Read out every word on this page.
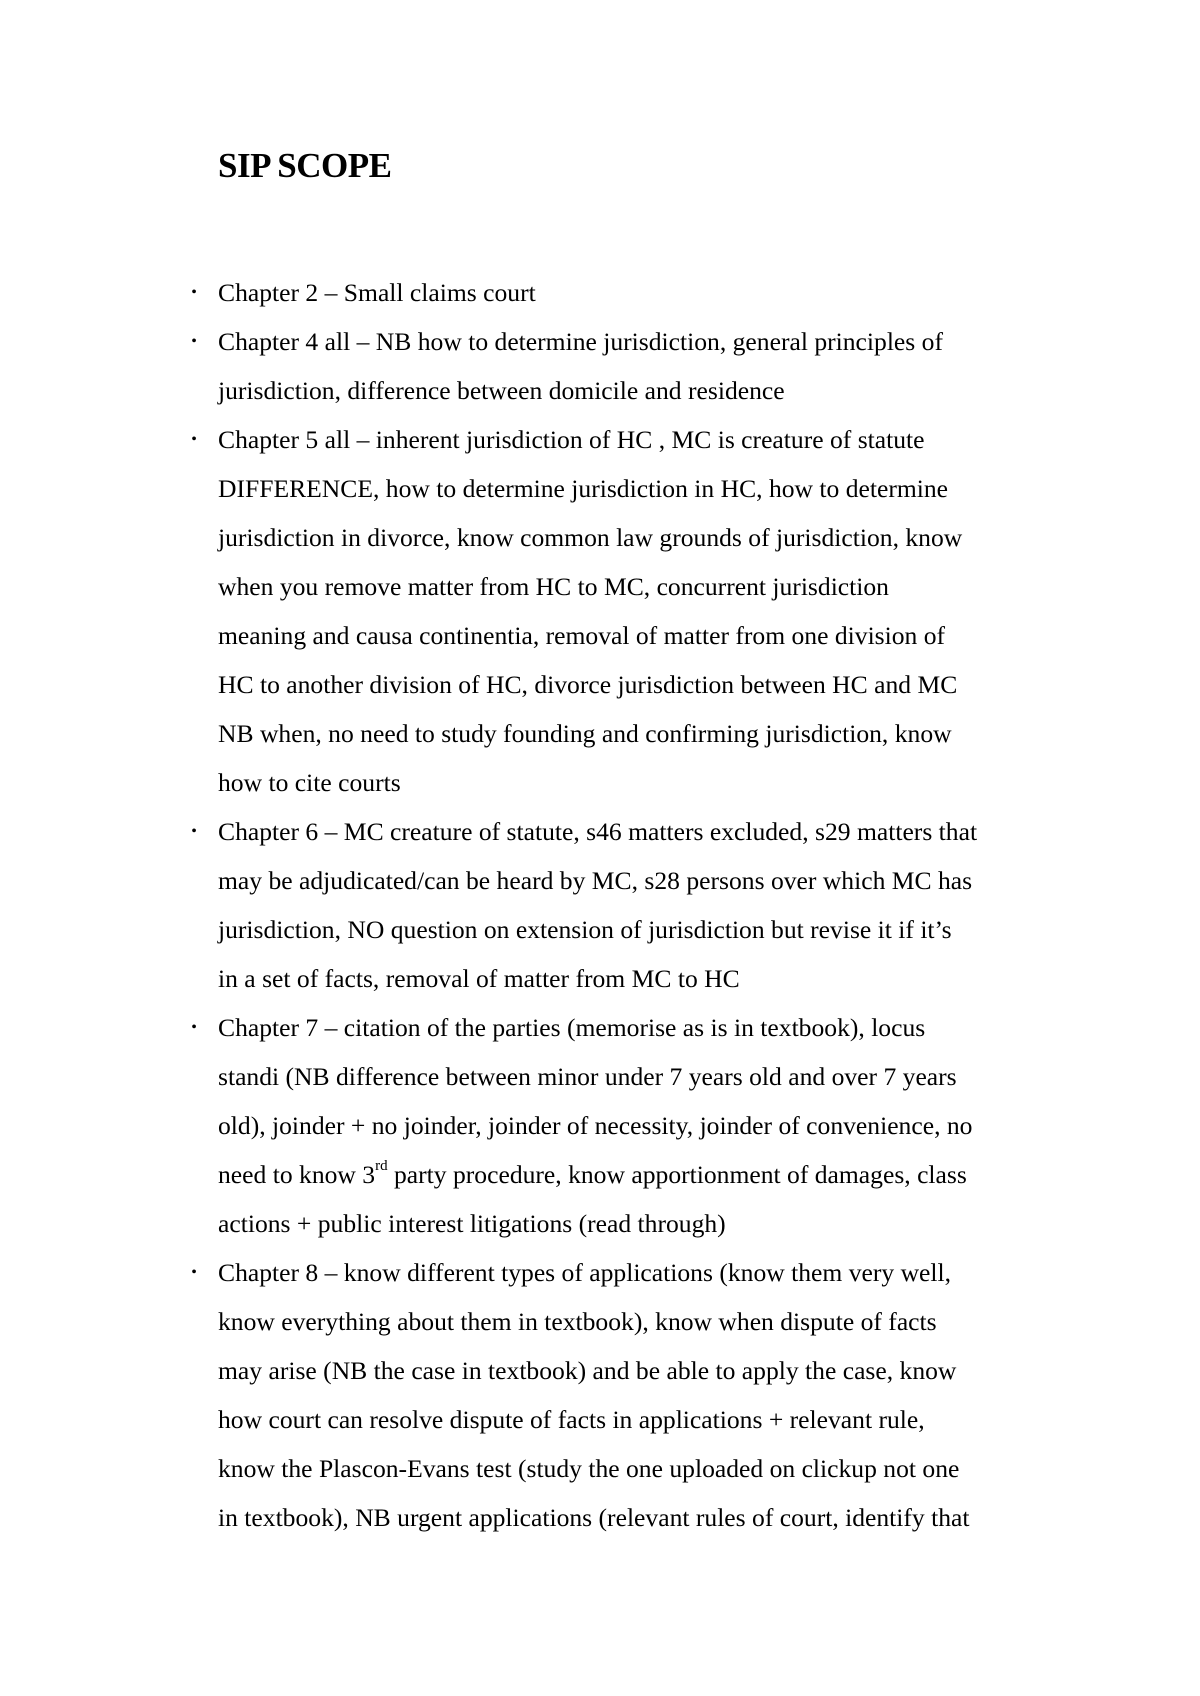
SIP SCOPE
• Chapter 2 – Small claims court
• Chapter 4 all – NB how to determine jurisdiction, general principles of
jurisdiction, difference between domicile and residence
• Chapter 5 all – inherent jurisdiction of HC , MC is creature of statute
DIFFERENCE, how to determine jurisdiction in HC, how to determine
jurisdiction in divorce, know common law grounds of jurisdiction, know
when you remove matter from HC to MC, concurrent jurisdiction
meaning and causa continentia, removal of matter from one division of
HC to another division of HC, divorce jurisdiction between HC and MC
NB when, no need to study founding and confirming jurisdiction, know
how to cite courts
• Chapter 6 – MC creature of statute, s46 matters excluded, s29 matters that
may be adjudicated/can be heard by MC, s28 persons over which MC has
jurisdiction, NO question on extension of jurisdiction but revise it if it’s
in a set of facts, removal of matter from MC to HC
• Chapter 7 – citation of the parties (memorise as is in textbook), locus
standi (NB difference between minor under 7 years old and over 7 years
old), joinder + no joinder, joinder of necessity, joinder of convenience, no
need to know 3rd party procedure, know apportionment of damages, class
actions + public interest litigations (read through)
• Chapter 8 – know different types of applications (know them very well,
know everything about them in textbook), know when dispute of facts
may arise (NB the case in textbook) and be able to apply the case, know
how court can resolve dispute of facts in applications + relevant rule,
know the Plascon-Evans test (study the one uploaded on clickup not one
in textbook), NB urgent applications (relevant rules of court, identify that
